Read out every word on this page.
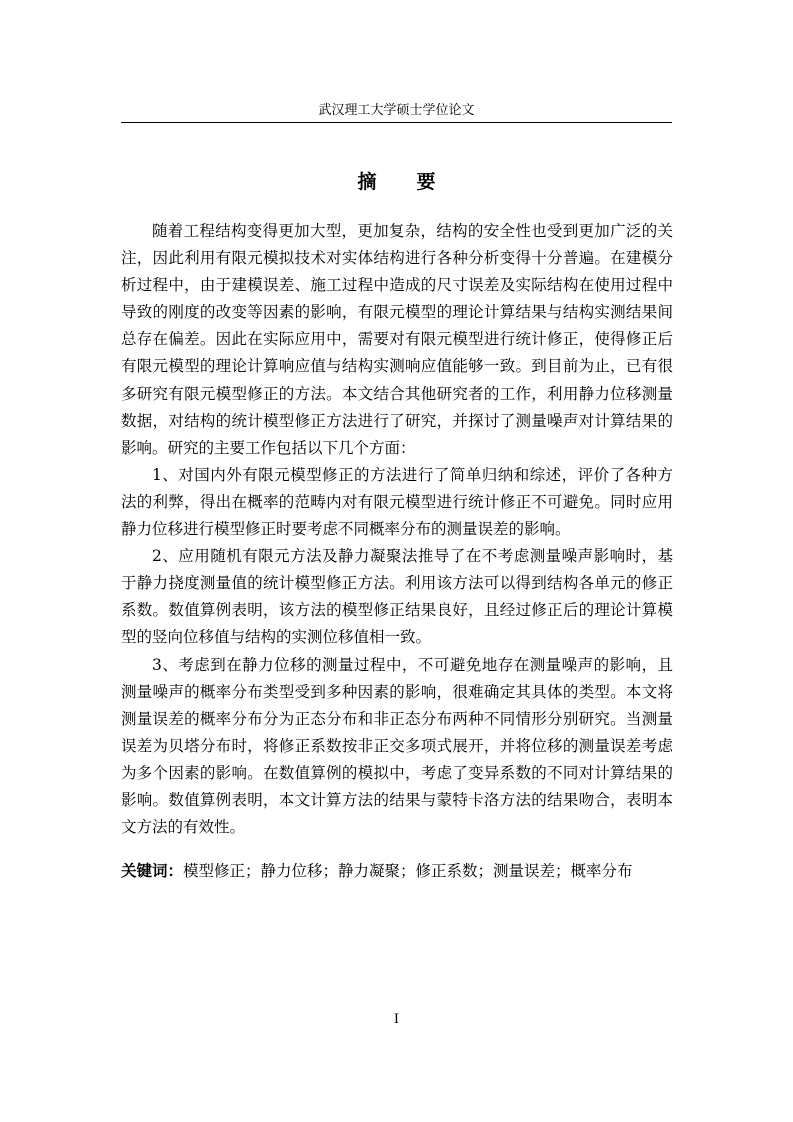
武汉理工大学硕士学位论文
摘 要

随着工程结构变得更加大型，更加复杂，结构的安全性也受到更加广泛的关注，因此利用有限元模拟技术对实体结构进行各种分析变得十分普遍。在建模分析过程中，由于建模误差、施工过程中造成的尺寸误差及实际结构在使用过程中导致的刚度的改变等因素的影响，有限元模型的理论计算结果与结构实测结果间总存在偏差。因此在实际应用中，需要对有限元模型进行统计修正，使得修正后有限元模型的理论计算响应值与结构实测响应值能够一致。到目前为止，已有很多研究有限元模型修正的方法。本文结合其他研究者的工作，利用静力位移测量数据，对结构的统计模型修正方法进行了研究，并探讨了测量噪声对计算结果的影响。研究的主要工作包括以下几个方面：

1、对国内外有限元模型修正的方法进行了简单归纳和综述，评价了各种方法的利弊，得出在概率的范畴内对有限元模型进行统计修正不可避免。同时应用静力位移进行模型修正时要考虑不同概率分布的测量误差的影响。

2、应用随机有限元方法及静力凝聚法推导了在不考虑测量噪声影响时，基于静力挠度测量值的统计模型修正方法。利用该方法可以得到结构各单元的修正系数。数值算例表明，该方法的模型修正结果良好，且经过修正后的理论计算模型的竖向位移值与结构的实测位移值相一致。

3、考虑到在静力位移的测量过程中，不可避免地存在测量噪声的影响，且测量噪声的概率分布类型受到多种因素的影响，很难确定其具体的类型。本文将测量误差的概率分布分为正态分布和非正态分布两种不同情形分别研究。当测量误差为贝塔分布时，将修正系数按非正交多项式展开，并将位移的测量误差考虑为多个因素的影响。在数值算例的模拟中，考虑了变异系数的不同对计算结果的影响。数值算例表明，本文计算方法的结果与蒙特卡洛方法的结果吻合，表明本文方法的有效性。

关键词：模型修正；静力位移；静力凝聚；修正系数；测量误差；概率分布
I
